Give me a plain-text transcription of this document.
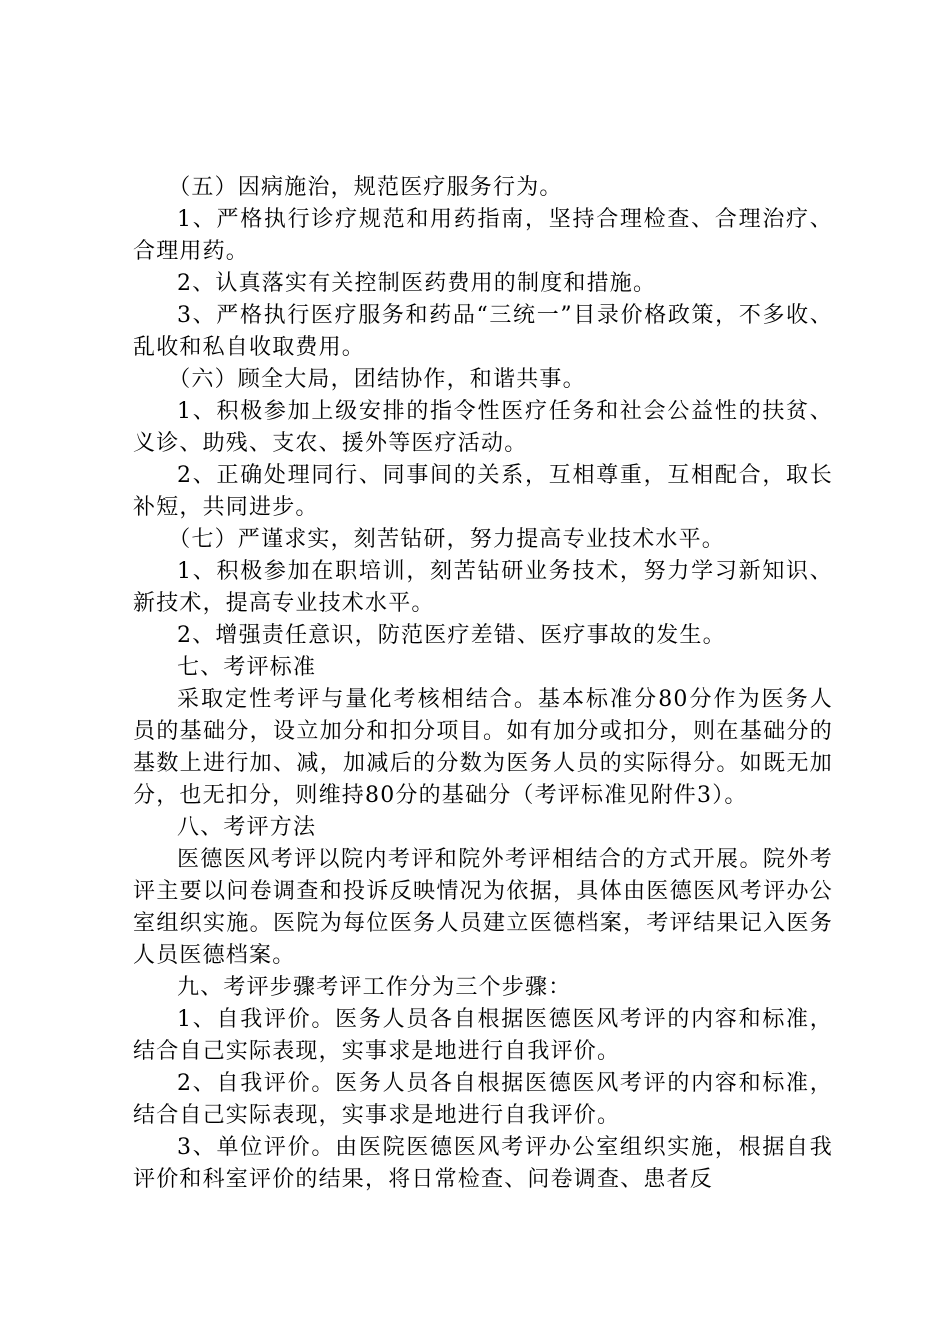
（五）因病施治，规范医疗服务行为。

1、严格执行诊疗规范和用药指南，坚持合理检查、合理治疗、合理用药。

2、认真落实有关控制医药费用的制度和措施。

3、严格执行医疗服务和药品“三统一”目录价格政策，不多收、乱收和私自收取费用。

（六）顾全大局，团结协作，和谐共事。

1、积极参加上级安排的指令性医疗任务和社会公益性的扶贫、义诊、助残、支农、援外等医疗活动。

2、正确处理同行、同事间的关系，互相尊重，互相配合，取长补短，共同进步。

（七）严谨求实，刻苦钻研，努力提高专业技术水平。

1、积极参加在职培训，刻苦钻研业务技术，努力学习新知识、新技术，提高专业技术水平。

2、增强责任意识，防范医疗差错、医疗事故的发生。

七、考评标准

采取定性考评与量化考核相结合。基本标准分80分作为医务人员的基础分，设立加分和扣分项目。如有加分或扣分，则在基础分的基数上进行加、减，加减后的分数为医务人员的实际得分。如既无加分，也无扣分，则维持80分的基础分（考评标准见附件3）。

八、考评方法

医德医风考评以院内考评和院外考评相结合的方式开展。院外考评主要以问卷调查和投诉反映情况为依据，具体由医德医风考评办公室组织实施。医院为每位医务人员建立医德档案，考评结果记入医务人员医德档案。

九、考评步骤考评工作分为三个步骤：

1、自我评价。医务人员各自根据医德医风考评的内容和标准，结合自己实际表现，实事求是地进行自我评价。

2、自我评价。医务人员各自根据医德医风考评的内容和标准，结合自己实际表现，实事求是地进行自我评价。

3、单位评价。由医院医德医风考评办公室组织实施，根据自我评价和科室评价的结果，将日常检查、问卷调查、患者反
